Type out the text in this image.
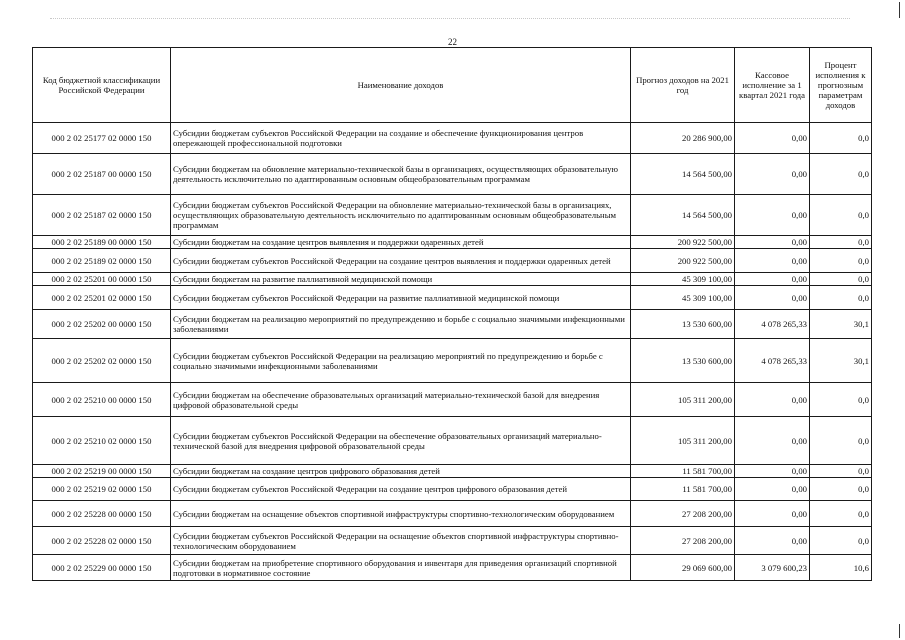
22
Код бюджетной классификации Российской Федерации	Наименование доходов	Прогноз доходов на 2021 год	Кассовое исполнение за 1 квартал 2021 года	Процент исполнения к прогнозным параметрам доходов
000 2 02 25177 02 0000 150	Субсидии бюджетам субъектов Российской Федерации на создание и обеспечение функционирования центров опережающей профессиональной подготовки	20 286 900,00	0,00	0,0
000 2 02 25187 00 0000 150	Субсидии бюджетам на обновление материально-технической базы в организациях, осуществляющих образовательную деятельность исключительно по адаптированным основным общеобразовательным программам	14 564 500,00	0,00	0,0
000 2 02 25187 02 0000 150	Субсидии бюджетам субъектов Российской Федерации на обновление материально-технической базы в организациях, осуществляющих образовательную деятельность исключительно по адаптированным основным общеобразовательным программам	14 564 500,00	0,00	0,0
000 2 02 25189 00 0000 150	Субсидии бюджетам на создание центров выявления и поддержки одаренных детей	200 922 500,00	0,00	0,0
000 2 02 25189 02 0000 150	Субсидии бюджетам субъектов Российской Федерации на создание центров выявления и поддержки одаренных детей	200 922 500,00	0,00	0,0
000 2 02 25201 00 0000 150	Субсидии бюджетам на развитие паллиативной медицинской помощи	45 309 100,00	0,00	0,0
000 2 02 25201 02 0000 150	Субсидии бюджетам субъектов Российской Федерации на развитие паллиативной медицинской помощи	45 309 100,00	0,00	0,0
000 2 02 25202 00 0000 150	Субсидии бюджетам на реализацию мероприятий по предупреждению и борьбе с социально значимыми инфекционными заболеваниями	13 530 600,00	4 078 265,33	30,1
000 2 02 25202 02 0000 150	Субсидии бюджетам субъектов Российской Федерации на реализацию мероприятий по предупреждению и борьбе с социально значимыми инфекционными заболеваниями	13 530 600,00	4 078 265,33	30,1
000 2 02 25210 00 0000 150	Субсидии бюджетам на обеспечение образовательных организаций материально-технической базой для внедрения цифровой образовательной среды	105 311 200,00	0,00	0,0
000 2 02 25210 02 0000 150	Субсидии бюджетам субъектов Российской Федерации на обеспечение образовательных организаций материально-технической базой для внедрения цифровой образовательной среды	105 311 200,00	0,00	0,0
000 2 02 25219 00 0000 150	Субсидии бюджетам на создание центров цифрового образования детей	11 581 700,00	0,00	0,0
000 2 02 25219 02 0000 150	Субсидии бюджетам субъектов Российской Федерации на создание центров цифрового образования детей	11 581 700,00	0,00	0,0
000 2 02 25228 00 0000 150	Субсидии бюджетам на оснащение объектов спортивной инфраструктуры спортивно-технологическим оборудованием	27 208 200,00	0,00	0,0
000 2 02 25228 02 0000 150	Субсидии бюджетам субъектов Российской Федерации на оснащение объектов спортивной инфраструктуры спортивно-технологическим оборудованием	27 208 200,00	0,00	0,0
000 2 02 25229 00 0000 150	Субсидии бюджетам на приобретение спортивного оборудования и инвентаря для приведения организаций спортивной подготовки в нормативное состояние	29 069 600,00	3 079 600,23	10,6
